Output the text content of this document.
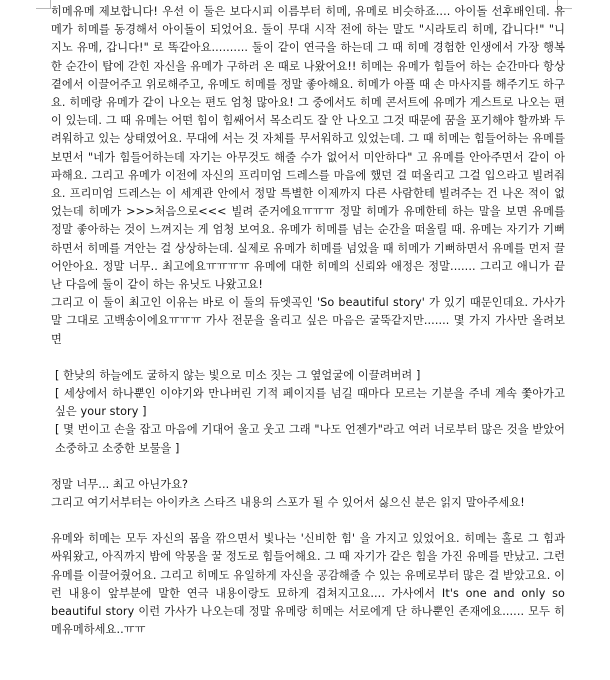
히메유메 제보합니다! 우선 이 둘은 보다시피 이름부터 히메, 유메로 비슷하죠.... 아이돌 선후배인데. 유메가 히메를 동경해서 아이돌이 되었어요. 둘이 무대 시작 전에 하는 말도 "시라토리 히메, 갑니다!" "니지노 유메, 갑니다!" 로 똑같아요.......... 둘이 같이 연극을 하는데 그 때 히메 경험한 인생에서 가장 행복한 순간이 탑에 갇힌 자신을 유메가 구하러 온 때로 나왔어요!! 히메는 유메가 힘들어 하는 순간마다 항상 곁에서 이끌어주고 위로해주고, 유메도 히메를 정말 좋아해요. 히메가 아플 때 손 마사지를 해주기도 하구요. 히메랑 유메가 같이 나오는 편도 엄청 많아요! 그 중에서도 히메 콘서트에 유메가 게스트로 나오는 편이 있는데. 그 때 유메는 어떤 힘이 힘쌔어서 목소리도 잘 안 나오고 그것 때문에 꿈을 포기해야 할까봐 두려워하고 있는 상태였어요. 무대에 서는 것 자체를 무서워하고 있었는데. 그 때 히메는 힘들어하는 유메를 보면서 "네가 힘들어하는데 자기는 아무것도 해줄 수가 없어서 미안하다" 고 유메를 안아주면서 같이 아파해요. 그리고 유메가 이전에 자신의 프리미엄 드레스를 마음에 했던 걸 떠올리고 그걸 입으라고 빌려줘요. 프리미엄 드레스는 이 세계관 안에서 정말 특별한 이제까지 다른 사람한테 빌려주는 건 나온 적이 없었는데 히메가 >>>처음으로<<< 빌려 준거에요ㅠㅠㅠ 정말 히메가 유메한테 하는 말을 보면 유메를 정말 좋아하는 것이 느껴지는 게 엄청 보여요. 유메가 히메를 넘는 순간을 떠올릴 때. 유메는 자기가 기뻐하면서 히메를 겨안는 걸 상상하는데. 실제로 유메가 히메를 넘었을 때 히메가 기뻐하면서 유메를 먼저 끌어안아요. 정말 너무.. 최고에요ㅠㅠㅠㅠ 유메에 대한 히메의 신뢰와 애정은 정말....... 그리고 애니가 끝난 다음에 둘이 같이 하는 유닛도 나왔고요!

그리고 이 둘이 최고인 이유는 바로 이 둘의 듀엣곡인 'So beautiful story' 가 있기 때문인데요. 가사가 말 그대로 고백송이에요ㅠㅠㅠ 가사 전문을 올리고 싶은 마음은 굴뚝같지만....... 몇 가지 가사만 올려보면

[ 한낮의 하늘에도 굴하지 않는 빛으로 미소 짓는 그 옆얼굴에 이끌려버려 ]

[ 세상에서 하나뿐인 이야기와 만나버린 기적 페이지를 넘길 때마다 모르는 기분을 주네 계속 쫓아가고 싶은 your story ]

[ 몇 번이고 손을 잡고 마음에 기대어 울고 웃고 그래 "나도 언젠가"라고 여러 너로부터 많은 것을 받았어 소중하고 소중한 보물을 ]

정말 너무... 최고 아닌가요?
그리고 여기서부터는 아이카츠 스타즈 내용의 스포가 될 수 있어서 싫으신 분은 읽지 말아주세요!

유메와 히메는 모두 자신의 몸을 깎으면서 빛나는 '신비한 힘' 을 가지고 있었어요. 히메는 홀로 그 힘과 싸워왔고, 아직까지 밤에 악몽을 꿀 정도로 힘들어해요. 그 때 자기가 같은 힘을 가진 유메를 만났고. 그런 유메를 이끌어줬어요. 그리고 히메도 유일하게 자신을 공감해줄 수 있는 유메로부터 많은 걸 받았고요. 이런 내용이 앞부분에 말한 연극 내용이랑도 묘하게 겹쳐지고요.... 가사에서 It's one and only so beautiful story 이런 가사가 나오는데 정말 유메랑 히메는 서로에게 단 하나뿐인 존재에요...... 모두 히메유메하세요..ㅠㅠ
